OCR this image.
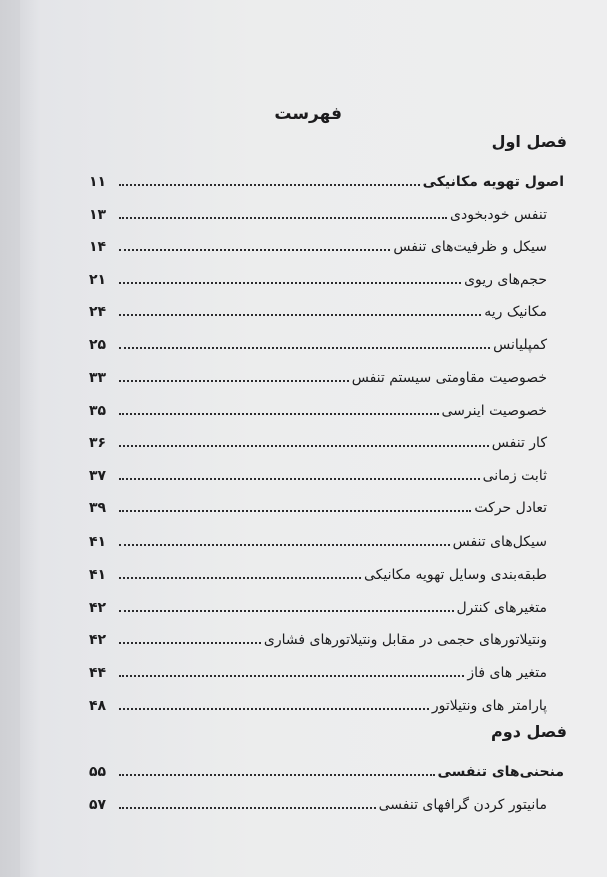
فهرست
فصل اول
اصول تهویه مکانیکی
۱۱
تنفس خودبخودی
۱۳
سیکل و ظرفیت‌های تنفس
۱۴
حجم‌های ریوی
۲۱
مکانیک ریه
۲۴
کمپلیانس
۲۵
خصوصیت مقاومتی سیستم تنفس
۳۳
خصوصیت اینرسی
۳۵
کار تنفس
۳۶
ثابت زمانی
۳۷
تعادل حرکت
۳۹
سیکل‌های تنفس
۴۱
طبقه‌بندی وسایل تهویه مکانیکی
۴۱
متغیرهای کنترل
۴۲
ونتیلاتورهای حجمی در مقابل ونتیلاتورهای فشاری
۴۲
متغیر های فاز
۴۴
پارامتر های ونتیلاتور
۴۸
فصل دوم
منحنی‌های تنفسی
۵۵
مانیتور کردن گرافهای تنفسی
۵۷
